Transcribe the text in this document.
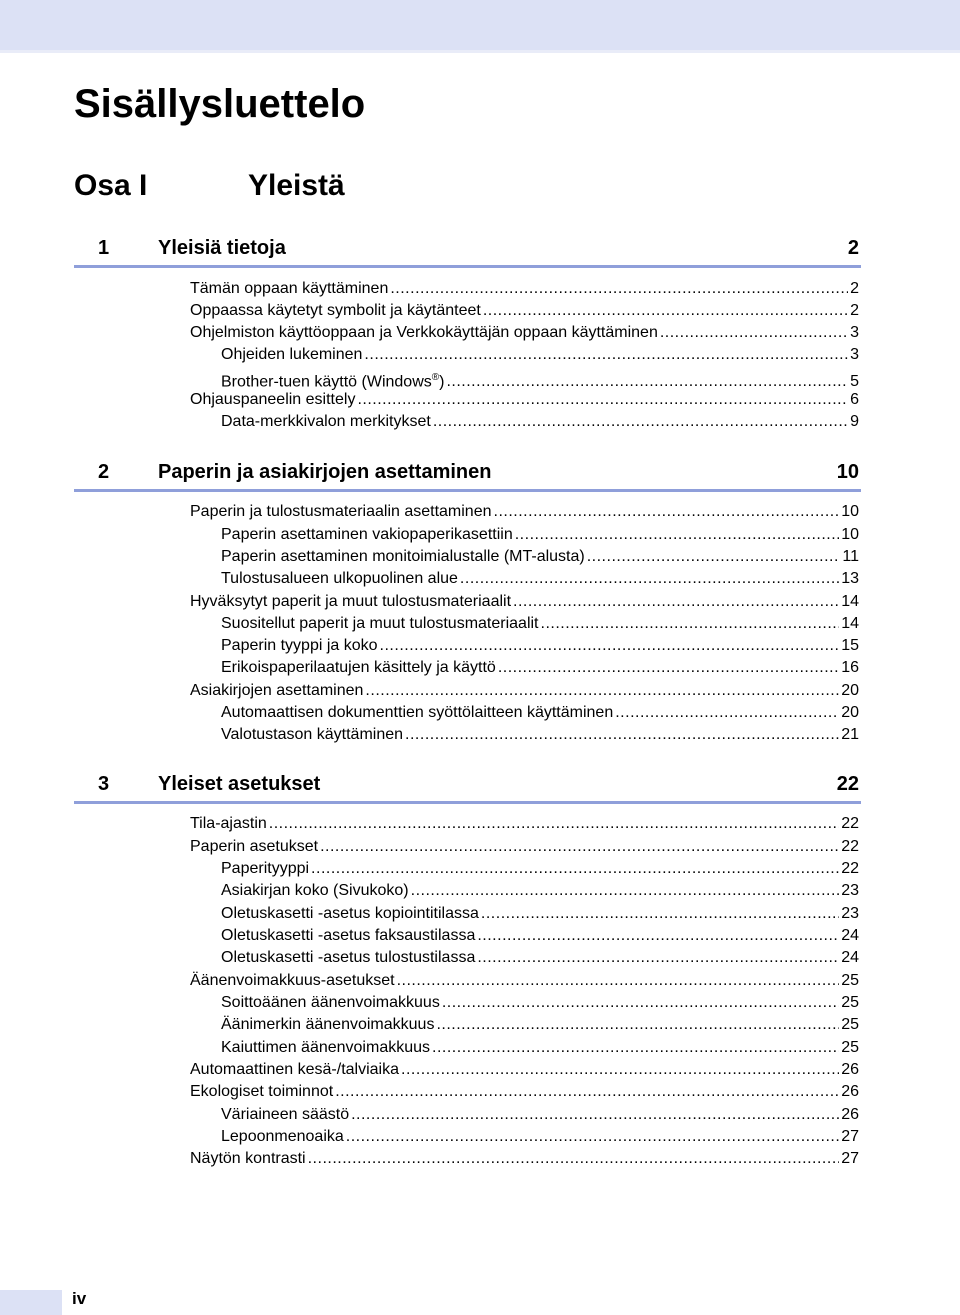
Sisällysluettelo
Osa I	Yleistä
1 Yleisiä tietoja	2
Tämän oppaan käyttäminen .....	2
Oppaassa käytetyt symbolit ja käytänteet .....	2
Ohjelmiston käyttöoppaan ja Verkkokäyttäjän oppaan käyttäminen .....	3
Ohjeiden lukeminen .....	3
Brother-tuen käyttö (Windows®) .....	5
Ohjauspaneelin esittely .....	6
Data-merkkivalon merkitykset .....	9
2 Paperin ja asiakirjojen asettaminen	10
Paperin ja tulostusmateriaalin asettaminen .....	10
Paperin asettaminen vakiopaperikasettiin .....	10
Paperin asettaminen monitoimialustalle (MT-alusta) .....	11
Tulostusalueen ulkopuolinen alue .....	13
Hyväksytyt paperit ja muut tulostusmateriaalit .....	14
Suositellut paperit ja muut tulostusmateriaalit .....	14
Paperin tyyppi ja koko .....	15
Erikoispaperilaatujen käsittely ja käyttö .....	16
Asiakirjojen asettaminen .....	20
Automaattisen dokumenttien syöttölaitteen käyttäminen .....	20
Valotustason käyttäminen .....	21
3 Yleiset asetukset	22
Tila-ajastin .....	22
Paperin asetukset .....	22
Paperityyppi .....	22
Asiakirjan koko (Sivukoko) .....	23
Oletuskasetti -asetus kopiointitilassa .....	23
Oletuskasetti -asetus faksaustilassa .....	24
Oletuskasetti -asetus tulostustilassa .....	24
Äänenvoimakkuus-asetukset .....	25
Soittoäänen äänenvoimakkuus .....	25
Äänimerkin äänenvoimakkuus .....	25
Kaiuttimen äänenvoimakkuus .....	25
Automaattinen kesä-/talviaika .....	26
Ekologiset toiminnot .....	26
Väriaineen säästö .....	26
Lepoonmenoaika .....	27
Näytön kontrasti .....	27
iv
